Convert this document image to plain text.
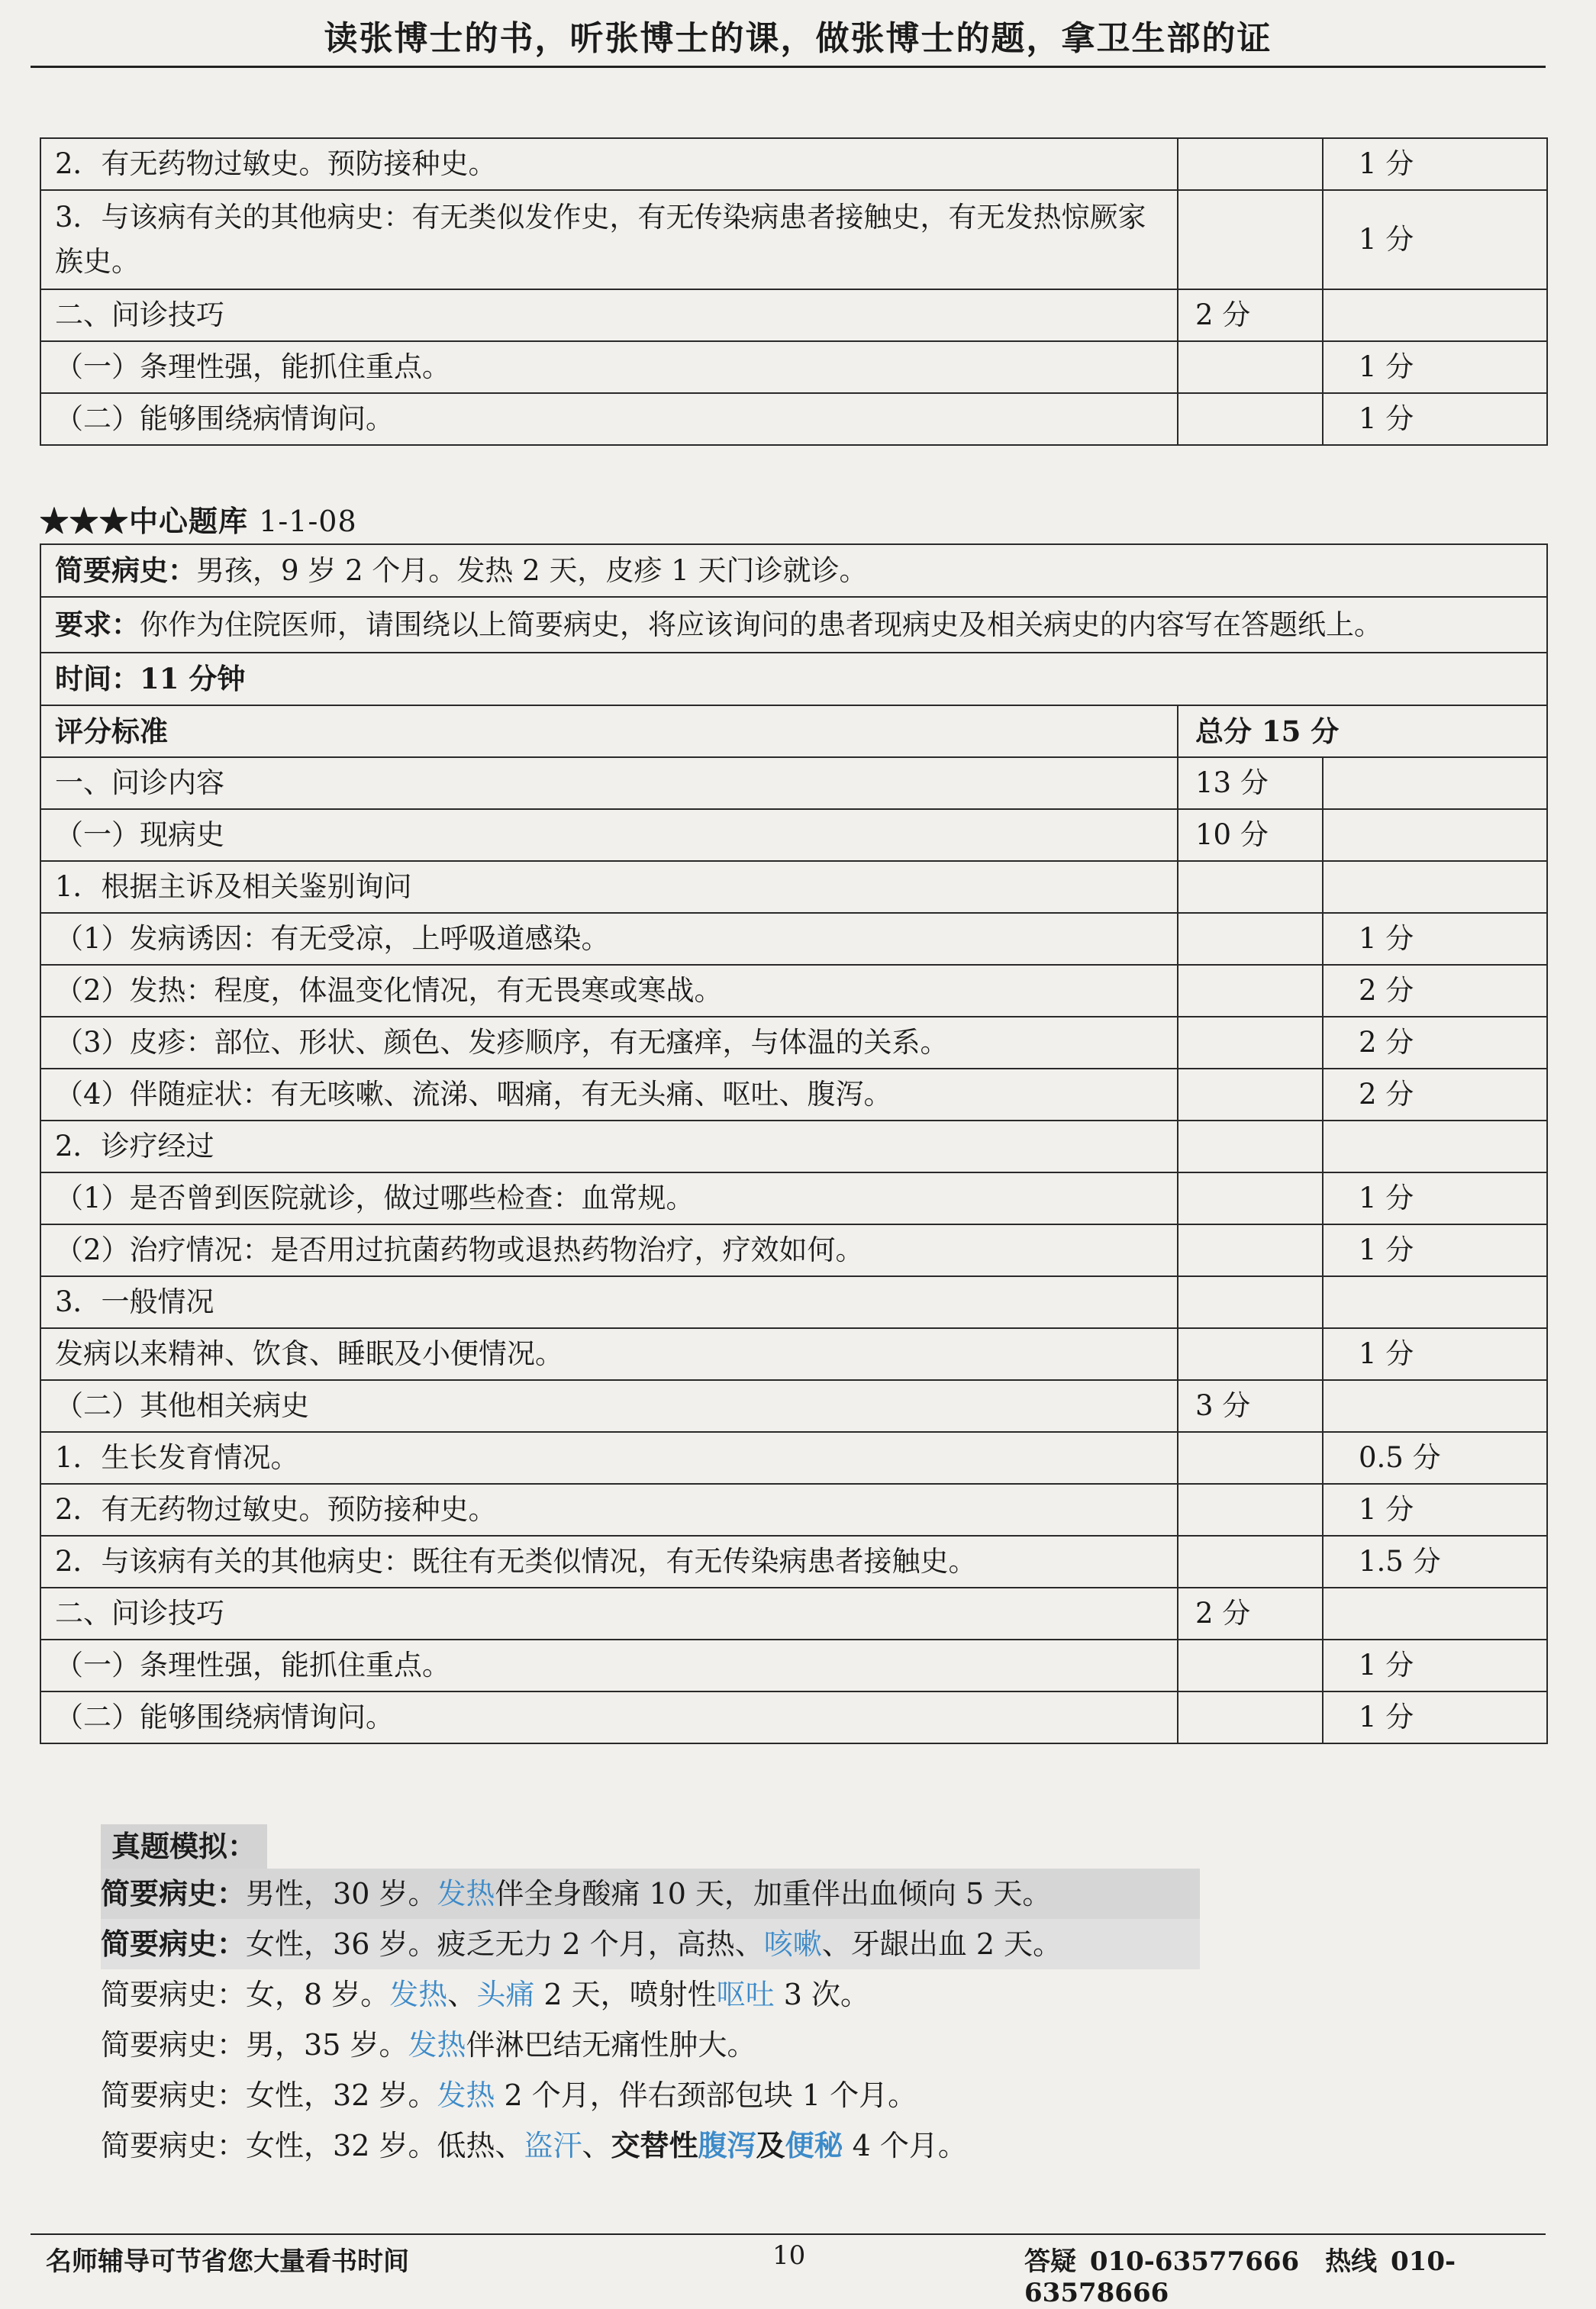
读张博士的书，听张博士的课，做张博士的题，拿卫生部的证
2．有无药物过敏史。预防接种史。		1 分
3．与该病有关的其他病史：有无类似发作史，有无传染病患者接触史，有无发热惊厥家族史。		1 分
二、问诊技巧	2 分	
（一）条理性强，能抓住重点。		1 分
（二）能够围绕病情询问。		1 分
★★★中心题库 1-1-08
简要病史：男孩，9 岁 2 个月。发热 2 天，皮疹 1 天门诊就诊。		
要求：你作为住院医师，请围绕以上简要病史，将应该询问的患者现病史及相关病史的内容写在答题纸上。		
时间：11 分钟		
评分标准	总分 15 分	
一、问诊内容	13 分	
（一）现病史	10 分	
1．根据主诉及相关鉴别询问		
（1）发病诱因：有无受凉，上呼吸道感染。		1 分
（2）发热：程度，体温变化情况，有无畏寒或寒战。		2 分
（3）皮疹：部位、形状、颜色、发疹顺序，有无瘙痒，与体温的关系。		2 分
（4）伴随症状：有无咳嗽、流涕、咽痛，有无头痛、呕吐、腹泻。		2 分
2．诊疗经过		
（1）是否曾到医院就诊，做过哪些检查：血常规。		1 分
（2）治疗情况：是否用过抗菌药物或退热药物治疗，疗效如何。		1 分
3．一般情况		
发病以来精神、饮食、睡眠及小便情况。		1 分
（二）其他相关病史	3 分	
1．生长发育情况。		0.5 分
2．有无药物过敏史。预防接种史。		1 分
2．与该病有关的其他病史：既往有无类似情况，有无传染病患者接触史。		1.5 分
二、问诊技巧	2 分	
（一）条理性强，能抓住重点。		1 分
（二）能够围绕病情询问。		1 分
真题模拟：
简要病史：男性，30 岁。发热伴全身酸痛 10 天，加重伴出血倾向 5 天。
简要病史：女性，36 岁。疲乏无力 2 个月，高热、咳嗽、牙龈出血 2 天。
简要病史：女，8 岁。发热、头痛 2 天，喷射性呕吐 3 次。
简要病史：男，35 岁。发热伴淋巴结无痛性肿大。
简要病史：女性，32 岁。发热 2 个月，伴右颈部包块 1 个月。
简要病史：女性，32 岁。低热、盗汗、交替性腹泻及便秘 4 个月。
名师辅导可节省您大量看书时间	10	答疑 010-63577666　热线 010-63578666
